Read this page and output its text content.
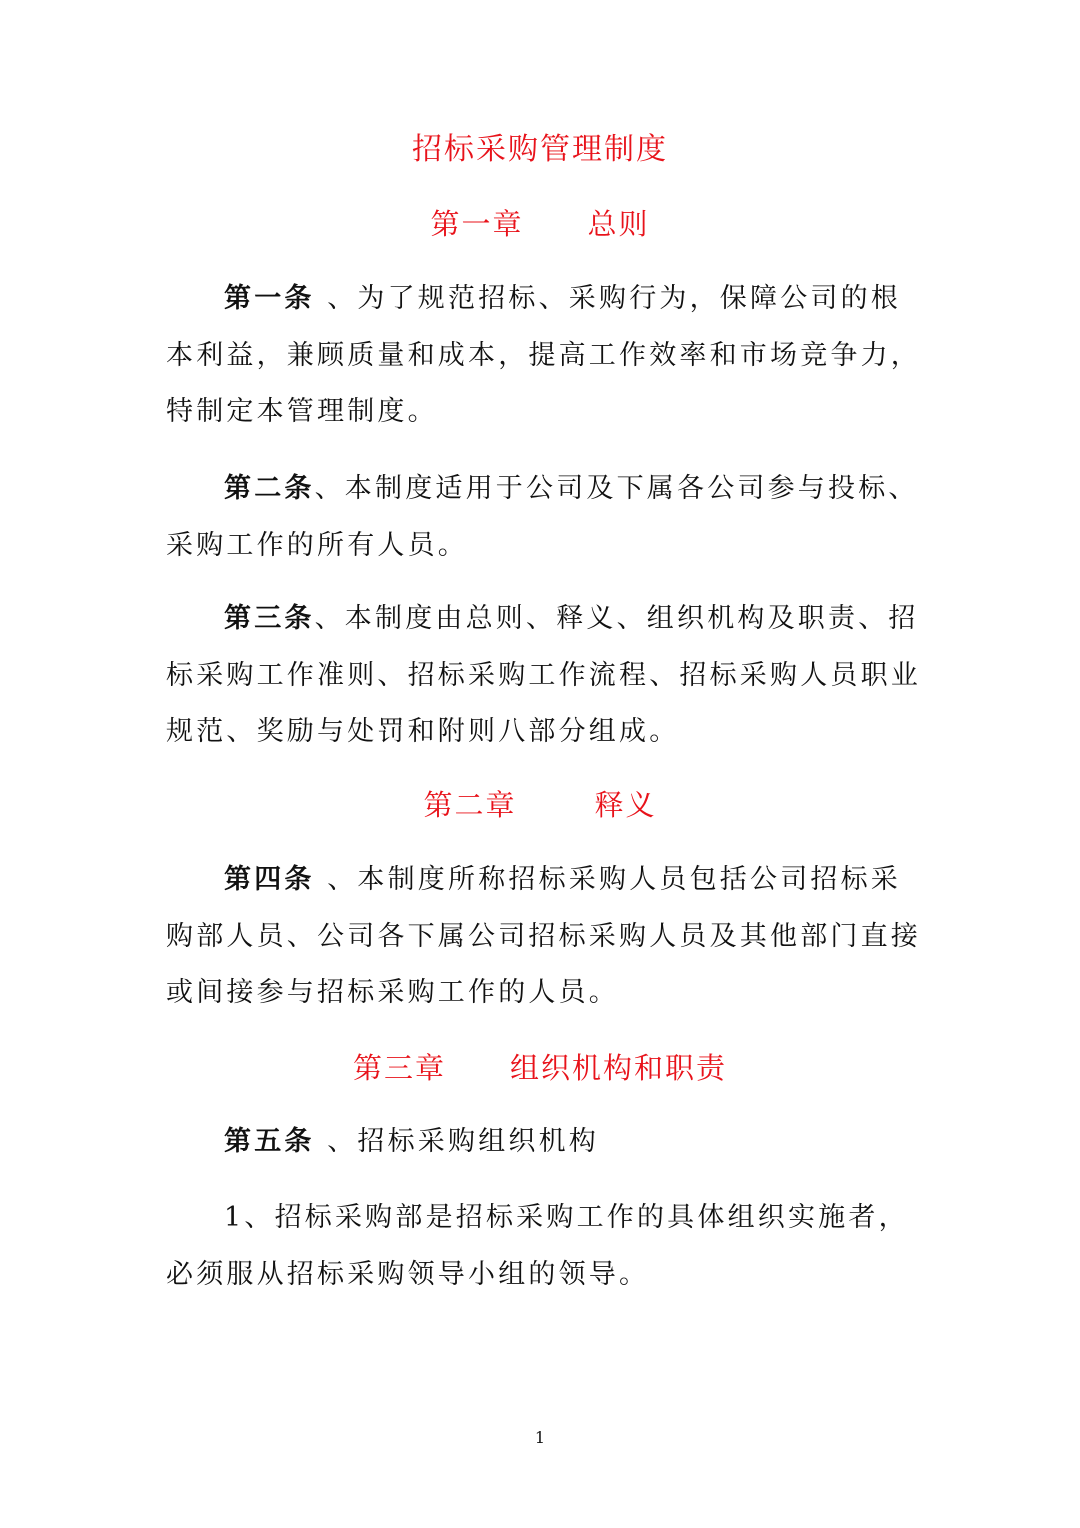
招标采购管理制度
第一章 总则
第一条 、为了规范招标、采购行为，保障公司的根本利益，兼顾质量和成本，提高工作效率和市场竞争力，特制定本管理制度。
第二条、本制度适用于公司及下属各公司参与投标、采购工作的所有人员。
第三条、本制度由总则、释义、组织机构及职责、招标采购工作准则、招标采购工作流程、招标采购人员职业规范、奖励与处罚和附则八部分组成。
第二章	释义
第四条 、本制度所称招标采购人员包括公司招标采购部人员、公司各下属公司招标采购人员及其他部门直接或间接参与招标采购工作的人员。
第三章 组织机构和职责
第五条 、招标采购组织机构
1、招标采购部是招标采购工作的具体组织实施者，必须服从招标采购领导小组的领导。
1
